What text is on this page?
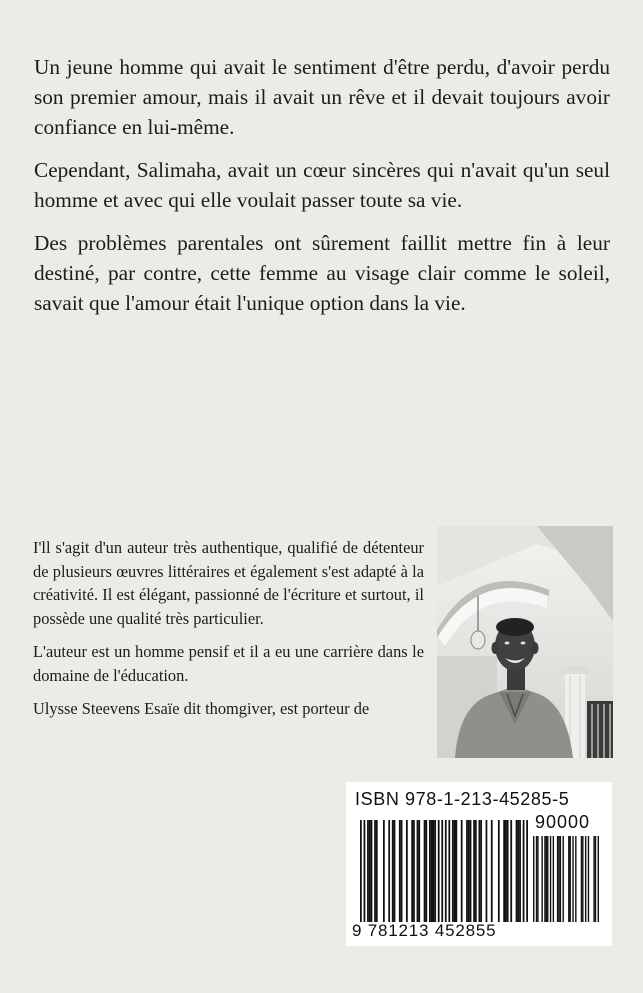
Un jeune homme qui avait le sentiment d'être perdu, d'avoir perdu son premier amour, mais il avait un rêve et il devait toujours avoir confiance en lui-même.

Cependant, Salimaha, avait un cœur sincères qui n'avait qu'un seul homme et avec qui elle voulait passer toute sa vie.

Des problèmes parentales ont sûrement faillit mettre fin à leur destiné, par contre, cette femme au visage clair comme le soleil, savait que l'amour était l'unique option dans la vie.

I'll s'agit d'un auteur très authentique, qualifié de détenteur de plusieurs œuvres littéraires et également s'est adapté à la créativité. Il est élégant, passionné de l'écriture et surtout, il possède une qualité très particulier.

L'auteur est un homme pensif et il a eu une carrière dans le domaine de l'éducation.

Ulysse Steevens Esaïe dit thomgiver, est porteur de

ISBN 978-1-213-45285-5
90000
9 781213 452855
